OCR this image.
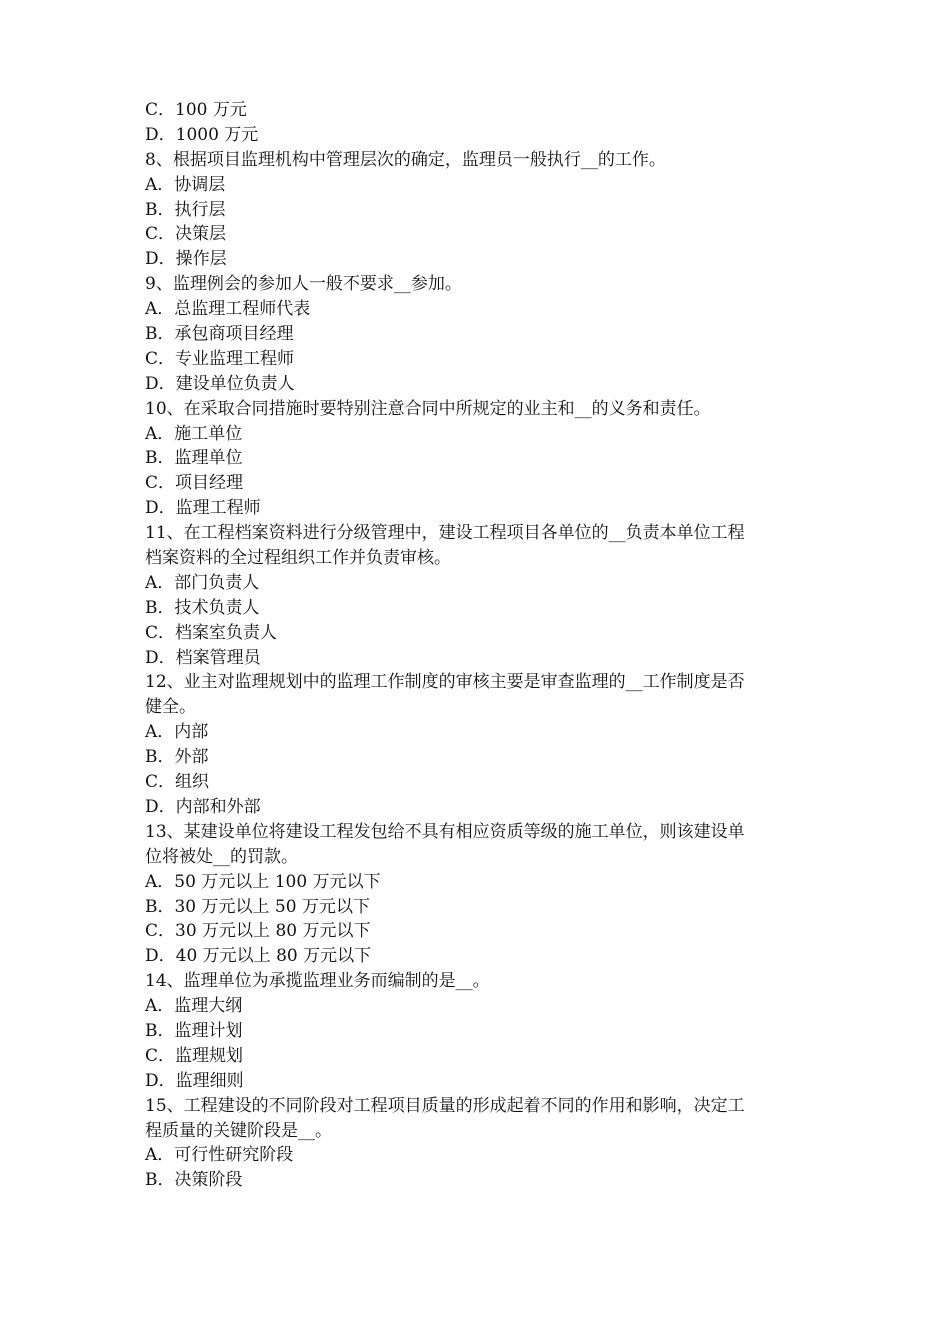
C．100 万元
D．1000 万元
8、根据项目监理机构中管理层次的确定，监理员一般执行__的工作。
A．协调层
B．执行层
C．决策层
D．操作层
9、监理例会的参加人一般不要求__参加。
A．总监理工程师代表
B．承包商项目经理
C．专业监理工程师
D．建设单位负责人
10、在采取合同措施时要特别注意合同中所规定的业主和__的义务和责任。
A．施工单位
B．监理单位
C．项目经理
D．监理工程师
11、在工程档案资料进行分级管理中，建设工程项目各单位的__负责本单位工程
档案资料的全过程组织工作并负责审核。
A．部门负责人
B．技术负责人
C．档案室负责人
D．档案管理员
12、业主对监理规划中的监理工作制度的审核主要是审查监理的__工作制度是否
健全。
A．内部
B．外部
C．组织
D．内部和外部
13、某建设单位将建设工程发包给不具有相应资质等级的施工单位，则该建设单
位将被处__的罚款。
A．50 万元以上 100 万元以下
B．30 万元以上 50 万元以下
C．30 万元以上 80 万元以下
D．40 万元以上 80 万元以下
14、监理单位为承揽监理业务而编制的是__。
A．监理大纲
B．监理计划
C．监理规划
D．监理细则
15、工程建设的不同阶段对工程项目质量的形成起着不同的作用和影响，决定工
程质量的关键阶段是__。
A．可行性研究阶段
B．决策阶段
